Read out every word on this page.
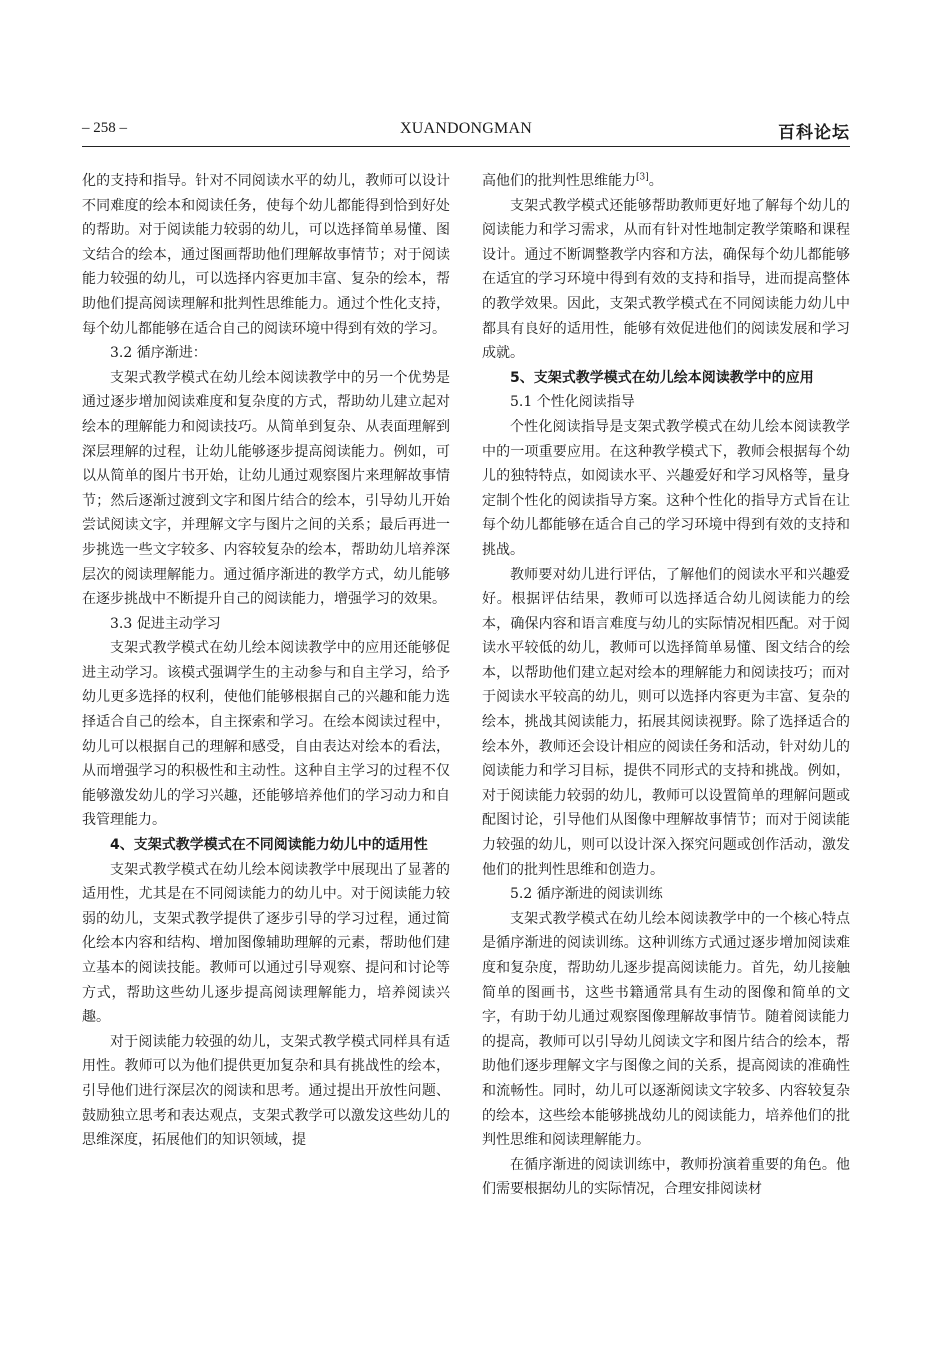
– 258 –	XUANDONGMAN	百科论坛

化的支持和指导。针对不同阅读水平的幼儿，教师可以设计不同难度的绘本和阅读任务，使每个幼儿都能得到恰到好处的帮助。对于阅读能力较弱的幼儿，可以选择简单易懂、图文结合的绘本，通过图画帮助他们理解故事情节；对于阅读能力较强的幼儿，可以选择内容更加丰富、复杂的绘本，帮助他们提高阅读理解和批判性思维能力。通过个性化支持，每个幼儿都能够在适合自己的阅读环境中得到有效的学习。

3.2 循序渐进：

支架式教学模式在幼儿绘本阅读教学中的另一个优势是通过逐步增加阅读难度和复杂度的方式，帮助幼儿建立起对绘本的理解能力和阅读技巧。从简单到复杂、从表面理解到深层理解的过程，让幼儿能够逐步提高阅读能力。例如，可以从简单的图片书开始，让幼儿通过观察图片来理解故事情节；然后逐渐过渡到文字和图片结合的绘本，引导幼儿开始尝试阅读文字，并理解文字与图片之间的关系；最后再进一步挑选一些文字较多、内容较复杂的绘本，帮助幼儿培养深层次的阅读理解能力。通过循序渐进的教学方式，幼儿能够在逐步挑战中不断提升自己的阅读能力，增强学习的效果。

3.3 促进主动学习

支架式教学模式在幼儿绘本阅读教学中的应用还能够促进主动学习。该模式强调学生的主动参与和自主学习，给予幼儿更多选择的权利，使他们能够根据自己的兴趣和能力选择适合自己的绘本，自主探索和学习。在绘本阅读过程中，幼儿可以根据自己的理解和感受，自由表达对绘本的看法，从而增强学习的积极性和主动性。这种自主学习的过程不仅能够激发幼儿的学习兴趣，还能够培养他们的学习动力和自我管理能力。

4、支架式教学模式在不同阅读能力幼儿中的适用性

支架式教学模式在幼儿绘本阅读教学中展现出了显著的适用性，尤其是在不同阅读能力的幼儿中。对于阅读能力较弱的幼儿，支架式教学提供了逐步引导的学习过程，通过简化绘本内容和结构、增加图像辅助理解的元素，帮助他们建立基本的阅读技能。教师可以通过引导观察、提问和讨论等方式，帮助这些幼儿逐步提高阅读理解能力，培养阅读兴趣。

对于阅读能力较强的幼儿，支架式教学模式同样具有适用性。教师可以为他们提供更加复杂和具有挑战性的绘本，引导他们进行深层次的阅读和思考。通过提出开放性问题、鼓励独立思考和表达观点，支架式教学可以激发这些幼儿的思维深度，拓展他们的知识领域，提

高他们的批判性思维能力[3]。

支架式教学模式还能够帮助教师更好地了解每个幼儿的阅读能力和学习需求，从而有针对性地制定教学策略和课程设计。通过不断调整教学内容和方法，确保每个幼儿都能够在适宜的学习环境中得到有效的支持和指导，进而提高整体的教学效果。因此，支架式教学模式在不同阅读能力幼儿中都具有良好的适用性，能够有效促进他们的阅读发展和学习成就。

5、支架式教学模式在幼儿绘本阅读教学中的应用
5.1 个性化阅读指导

个性化阅读指导是支架式教学模式在幼儿绘本阅读教学中的一项重要应用。在这种教学模式下，教师会根据每个幼儿的独特特点，如阅读水平、兴趣爱好和学习风格等，量身定制个性化的阅读指导方案。这种个性化的指导方式旨在让每个幼儿都能够在适合自己的学习环境中得到有效的支持和挑战。

教师要对幼儿进行评估，了解他们的阅读水平和兴趣爱好。根据评估结果，教师可以选择适合幼儿阅读能力的绘本，确保内容和语言难度与幼儿的实际情况相匹配。对于阅读水平较低的幼儿，教师可以选择简单易懂、图文结合的绘本，以帮助他们建立起对绘本的理解能力和阅读技巧；而对于阅读水平较高的幼儿，则可以选择内容更为丰富、复杂的绘本，挑战其阅读能力，拓展其阅读视野。除了选择适合的绘本外，教师还会设计相应的阅读任务和活动，针对幼儿的阅读能力和学习目标，提供不同形式的支持和挑战。例如，对于阅读能力较弱的幼儿，教师可以设置简单的理解问题或配图讨论，引导他们从图像中理解故事情节；而对于阅读能力较强的幼儿，则可以设计深入探究问题或创作活动，激发他们的批判性思维和创造力。

5.2 循序渐进的阅读训练

支架式教学模式在幼儿绘本阅读教学中的一个核心特点是循序渐进的阅读训练。这种训练方式通过逐步增加阅读难度和复杂度，帮助幼儿逐步提高阅读能力。首先，幼儿接触简单的图画书，这些书籍通常具有生动的图像和简单的文字，有助于幼儿通过观察图像理解故事情节。随着阅读能力的提高，教师可以引导幼儿阅读文字和图片结合的绘本，帮助他们逐步理解文字与图像之间的关系，提高阅读的准确性和流畅性。同时，幼儿可以逐渐阅读文字较多、内容较复杂的绘本，这些绘本能够挑战幼儿的阅读能力，培养他们的批判性思维和阅读理解能力。

在循序渐进的阅读训练中，教师扮演着重要的角色。他们需要根据幼儿的实际情况，合理安排阅读材
